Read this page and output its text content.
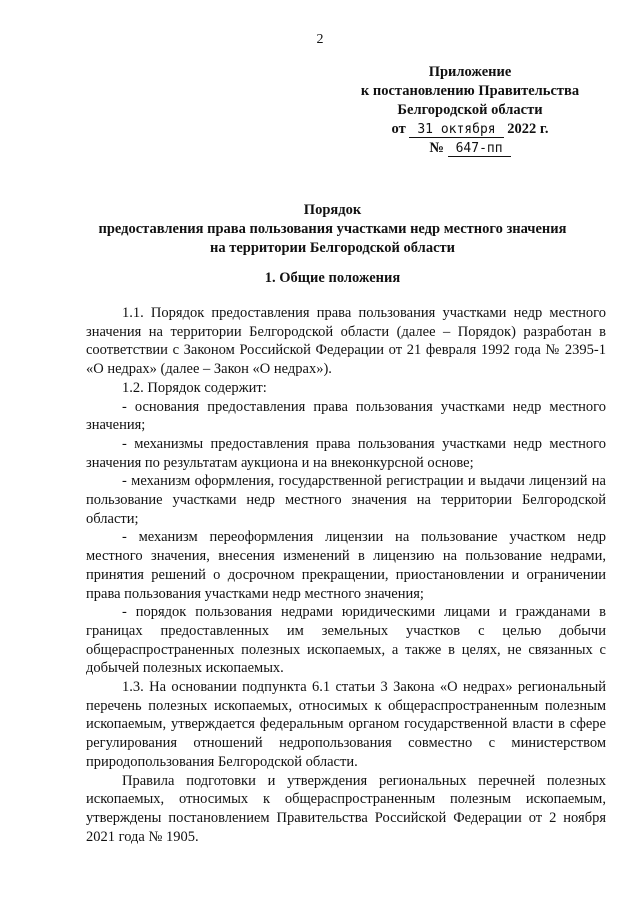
2
Приложение
к постановлению Правительства
Белгородской области
от 31 октября 2022 г.
№ 647-пп
Порядок
предоставления права пользования участками недр местного значения
на территории Белгородской области
1. Общие положения

1.1. Порядок предоставления права пользования участками недр местного значения на территории Белгородской области (далее – Порядок) разработан в соответствии с Законом Российской Федерации от 21 февраля 1992 года № 2395-1 «О недрах» (далее – Закон «О недрах»).

1.2. Порядок содержит:

- основания предоставления права пользования участками недр местного значения;

- механизмы предоставления права пользования участками недр местного значения по результатам аукциона и на внеконкурсной основе;

- механизм оформления, государственной регистрации и выдачи лицензий на пользование участками недр местного значения на территории Белгородской области;

- механизм переоформления лицензии на пользование участком недр местного значения, внесения изменений в лицензию на пользование недрами, принятия решений о досрочном прекращении, приостановлении и ограничении права пользования участками недр местного значения;

- порядок пользования недрами юридическими лицами и гражданами в границах предоставленных им земельных участков с целью добычи общераспространенных полезных ископаемых, а также в целях, не связанных с добычей полезных ископаемых.

1.3. На основании подпункта 6.1 статьи 3 Закона «О недрах» региональный перечень полезных ископаемых, относимых к общераспространенным полезным ископаемым, утверждается федеральным органом государственной власти в сфере регулирования отношений недропользования совместно с министерством природопользования Белгородской области.

Правила подготовки и утверждения региональных перечней полезных ископаемых, относимых к общераспространенным полезным ископаемым, утверждены постановлением Правительства Российской Федерации от 2 ноября 2021 года № 1905.
